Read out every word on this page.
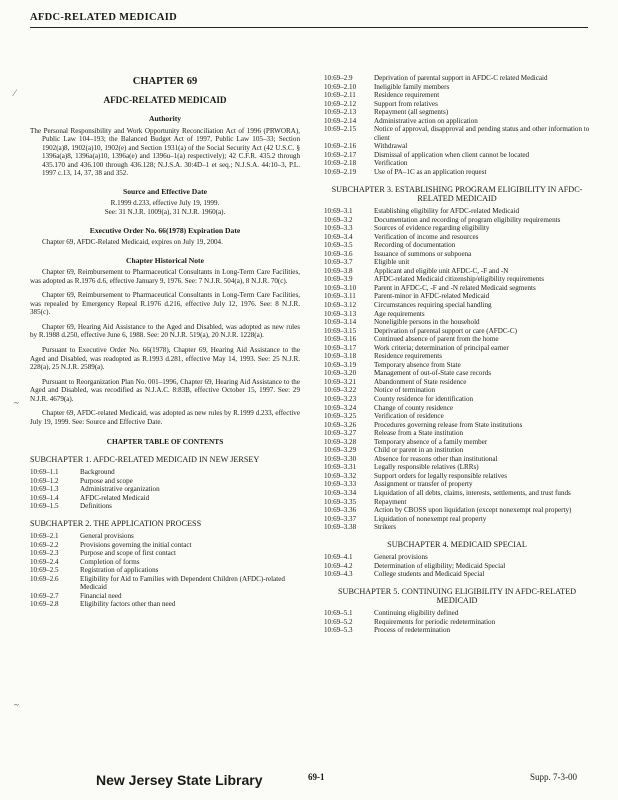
AFDC-RELATED MEDICAID
⁄
~
~
CHAPTER 69
AFDC-RELATED MEDICAID
Authority

The Personal Responsibility and Work Opportunity Reconciliation Act of 1996 (PRWORA), Public Law 104–193; the Balanced Budget Act of 1997, Public Law 105–33; Section 1902(a)8, 1902(a)10, 1902(e) and Section 1931(a) of the Social Security Act (42 U.S.C. § 1396a(a)8, 1396a(a)10, 1396a(e) and 1396u–1(a) respectively); 42 C.F.R. 435.2 through 435.170 and 436.100 through 436.128; N.J.S.A. 30:4D–1 et seq.; N.J.S.A. 44:10–3, P.L. 1997 c.13, 14, 37, 38 and 352.

Source and Effective Date

R.1999 d.233, effective July 19, 1999.

See: 31 N.J.R. 1009(a), 31 N.J.R. 1960(a).

Executive Order No. 66(1978) Expiration Date

Chapter 69, AFDC-Related Medicaid, expires on July 19, 2004.

Chapter Historical Note

Chapter 69, Reimbursement to Pharmaceutical Consultants in Long-Term Care Facilities, was adopted as R.1976 d.6, effective January 9, 1976. See: 7 N.J.R. 504(a), 8 N.J.R. 70(c).

Chapter 69, Reimbursement to Pharmaceutical Consultants in Long-Term Care Facilities, was repealed by Emergency Repeal R.1976 d.216, effective July 12, 1976. See: 8 N.J.R. 385(c).

Chapter 69, Hearing Aid Assistance to the Aged and Disabled, was adopted as new rules by R.1988 d.250, effective June 6, 1988. See: 20 N.J.R. 519(a), 20 N.J.R. 1228(a).

Pursuant to Executive Order No. 66(1978), Chapter 69, Hearing Aid Assistance to the Aged and Disabled, was readopted as R.1993 d.281, effective May 14, 1993. See: 25 N.J.R. 228(a), 25 N.J.R. 2589(a).

Pursuant to Reorganization Plan No. 001–1996, Chapter 69, Hearing Aid Assistance to the Aged and Disabled, was recodified as N.J.A.C. 8:83B, effective October 15, 1997. See: 29 N.J.R. 4679(a).

Chapter 69, AFDC-related Medicaid, was adopted as new rules by R.1999 d.233, effective July 19, 1999. See: Source and Effective Date.

CHAPTER TABLE OF CONTENTS
SUBCHAPTER 1. AFDC-RELATED MEDICAID IN NEW JERSEY
10:69–1.1	Background
10:69–1.2	Purpose and scope
10:69–1.3	Administrative organization
10:69–1.4	AFDC-related Medicaid
10:69–1.5	Definitions
SUBCHAPTER 2. THE APPLICATION PROCESS
10:69–2.1	General provisions
10:69–2.2	Provisions governing the initial contact
10:69–2.3	Purpose and scope of first contact
10:69–2.4	Completion of forms
10:69–2.5	Registration of applications
10:69–2.6	Eligibility for Aid to Families with Dependent Children (AFDC)-related Medicaid
10:69–2.7	Financial need
10:69–2.8	Eligibility factors other than need
10:69–2.9	Deprivation of parental support in AFDC-C related Medicaid
10:69–2.10	Ineligible family members
10:69–2.11	Residence requirement
10:69–2.12	Support from relatives
10:69–2.13	Repayment (all segments)
10:69–2.14	Administrative action on application
10:69–2.15	Notice of approval, disapproval and pending status and other information to client
10:69–2.16	Withdrawal
10:69–2.17	Dismissal of application when client cannot be located
10:69–2.18	Verification
10:69–2.19	Use of PA–1C as an application request
SUBCHAPTER 3. ESTABLISHING PROGRAM ELIGIBILITY IN AFDC-RELATED MEDICAID
10:69–3.1	Establishing eligibility for AFDC-related Medicaid
10:69–3.2	Documentation and recording of program eligibility requirements
10:69–3.3	Sources of evidence regarding eligibility
10:69–3.4	Verification of income and resources
10:69–3.5	Recording of documentation
10:69–3.6	Issuance of summons or subpoena
10:69–3.7	Eligible unit
10:69–3.8	Applicant and eligible unit AFDC-C, -F and -N
10:69–3.9	AFDC-related Medicaid citizenship/eligibility requirements
10:69–3.10	Parent in AFDC-C, -F and -N related Medicaid segments
10:69–3.11	Parent-minor in AFDC-related Medicaid
10:69–3.12	Circumstances requiring special handling
10:69–3.13	Age requirements
10:69–3.14	Noneligible persons in the household
10:69–3.15	Deprivation of parental support or care (AFDC-C)
10:69–3.16	Continued absence of parent from the home
10:69–3.17	Work criteria; determination of principal earner
10:69–3.18	Residence requirements
10:69–3.19	Temporary absence from State
10:69–3.20	Management of out-of-State case records
10:69–3.21	Abandonment of State residence
10:69–3.22	Notice of termination
10:69–3.23	County residence for identification
10:69–3.24	Change of county residence
10:69–3.25	Verification of residence
10:69–3.26	Procedures governing release from State institutions
10:69–3.27	Release from a State institution
10:69–3.28	Temporary absence of a family member
10:69–3.29	Child or parent in an institution
10:69–3.30	Absence for reasons other than institutional
10:69–3.31	Legally responsible relatives (LRRs)
10:69–3.32	Support orders for legally responsible relatives
10:69–3.33	Assignment or transfer of property
10:69–3.34	Liquidation of all debts, claims, interests, settlements, and trust funds
10:69–3.35	Repayment
10:69–3.36	Action by CBOSS upon liquidation (except nonexempt real property)
10:69–3.37	Liquidation of nonexempt real property
10:69–3.38	Strikers
SUBCHAPTER 4. MEDICAID SPECIAL
10:69–4.1	General provisions
10:69–4.2	Determination of eligibility; Medicaid Special
10:69–4.3	College students and Medicaid Special
SUBCHAPTER 5. CONTINUING ELIGIBILITY IN AFDC-RELATED MEDICAID
10:69–5.1	Continuing eligibility defined
10:69–5.2	Requirements for periodic redetermination
10:69–5.3	Process of redetermination
New Jersey State Library	69-1	Supp. 7-3-00
